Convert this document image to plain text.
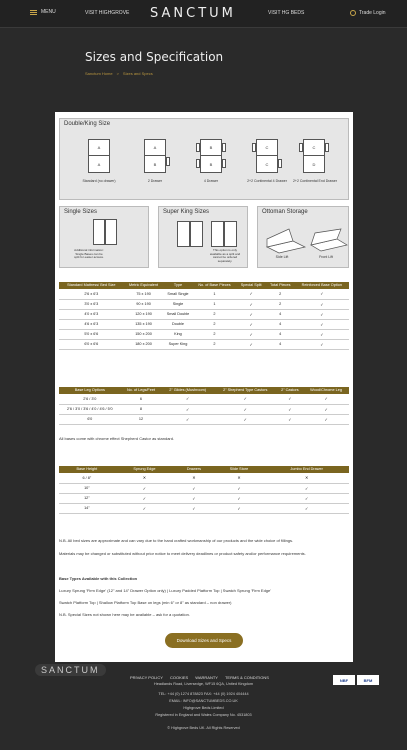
MENU	VISIT HIGHGROVE SANCTUM	VISIT HG BEDS	Trade Login
Sizes and Specification
Sanctum Home > Sizes and Specs
Double/King Size
A
A
Standard (no drawer)
A
B
2 Drawer
B
B
4 Drawer
C
C
2+2 Continental 4 Drawer
C
D
2+2 Continental End Drawer
Single Sizes
Additional information: Single Bases can be split for easier access.
Super King Sizes
This option is only available as a split and cannot be ordered separately.
Ottoman Storage
Side Lift	Front Lift
Standard Mattress/ Bed Size	Metric Equivalent	Type	No. of Base Pieces	Special Split	Total Pieces	Reinforced Base Option
2'6 x 6'3	75 x 190	Small Single	1	✓	2	✓
3'0 x 6'3	90 x 190	Single	1	✓	2	✓
4'0 x 6'3	120 x 190	Small Double	2	✓	4	✓
4'6 x 6'3	135 x 190	Double	2	✓	4	✓
5'0 x 6'6	150 x 200	King	2	✓	4	✓
6'0 x 6'6	180 x 200	Super King	2	✓	4	✓
Base Leg Options	No. of Legs/Feet	2" Glides (Mushroom)	2" Shepherd Type Castors	2" Castors	Wood/Chrome Leg
2'6 / 3'0	6	✓	✓	✓	✓
2'6 / 3'0 / 3'6 / 4'0 / 4'6 / 5'0	8	✓	✓	✓	✓
6'0	12	✓	✓	✓	✓
All bases come with chrome effect Shepherd Castor as standard.
Base Height	Sprung Edge	Drawers	Slide Store	Jumbo End Drawer
6 / 8"	✕	✕	✕	✕
10"	✓	✓	✓	✓
12"	✓	✓	✓	✓
14"	✓	✓	✓	✓
N.B. All bed sizes are approximate and can vary due to the hand crafted workmanship of our products and the wide choice of fillings.
Materials may be changed or substituted without prior notice to meet delivery deadlines or product safety and/or performance requirements.
Base Types Available with this Collection
Luxury Sprung 'Firm Edge' (12" and 14" Drawer Option only) | Luxury Padded Platform Top | Swatch Sprung 'Firm Edge'
Swatch Platform Top | Shallow Platform Top Base on legs (min 6" or 8" as standard – non drawer)
N.B. Special Sizes not shown here may be available – ask for a quotation.
Download Sizes and Specs
SANCTUM
PRIVACY POLICY COOKIES WARRANTY TERMS & CONDITIONS
Headlands Road, Liversedge, WF15 6QA, United Kingdom
TEL: +44 (0) 1274 878823 FAX: +44 (0) 1924 404444
EMAIL: INFO@SANCTUMBEDS.CO.UK
Highgrove Beds Limited
Registered in England and Wales Company No. 4531803
© Highgrove Beds UK. All Rights Reserved
NBF	BFM
